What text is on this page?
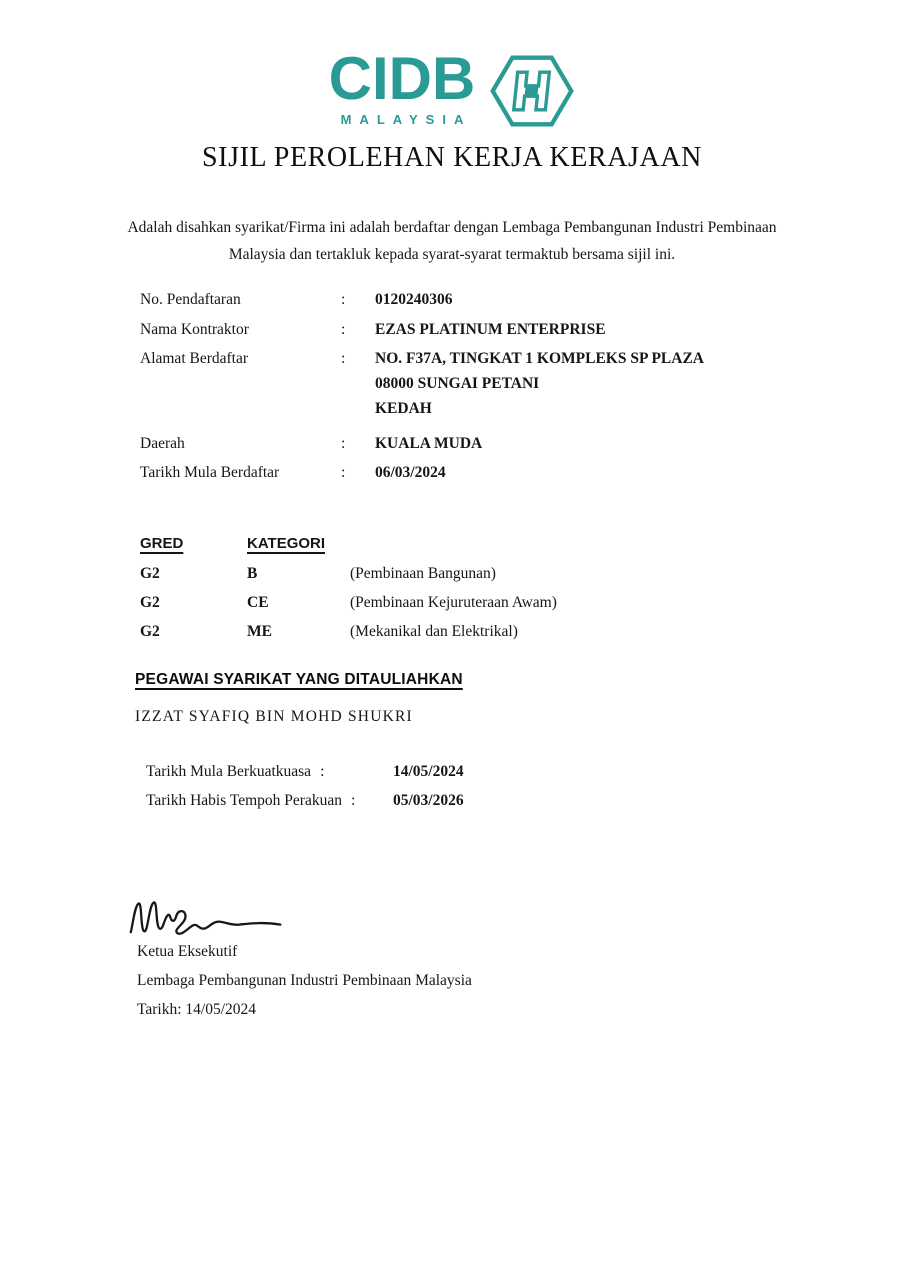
CIDB
MALAYSIA
SIJIL PEROLEHAN KERJA KERAJAAN
Adalah disahkan syarikat/Firma ini adalah berdaftar dengan Lembaga Pembangunan Industri Pembinaan
Malaysia dan tertakluk kepada syarat-syarat termaktub bersama sijil ini.
No. Pendaftaran	:	0120240306
Nama Kontraktor	:	EZAS PLATINUM ENTERPRISE
Alamat Berdaftar	:	NO. F37A, TINGKAT 1 KOMPLEKS SP PLAZA
08000 SUNGAI PETANI
KEDAH
Daerah	:	KUALA MUDA
Tarikh Mula Berdaftar	:	06/03/2024
GRED	KATEGORI
G2	B	(Pembinaan Bangunan)
G2	CE	(Pembinaan Kejuruteraan Awam)
G2	ME	(Mekanikal dan Elektrikal)
PEGAWAI SYARIKAT YANG DITAULIAHKAN
IZZAT SYAFIQ BIN MOHD SHUKRI
Tarikh Mula Berkuatkuasa :	14/05/2024
Tarikh Habis Tempoh Perakuan : 05/03/2026
Ketua Eksekutif
Lembaga Pembangunan Industri Pembinaan Malaysia
Tarikh: 14/05/2024
